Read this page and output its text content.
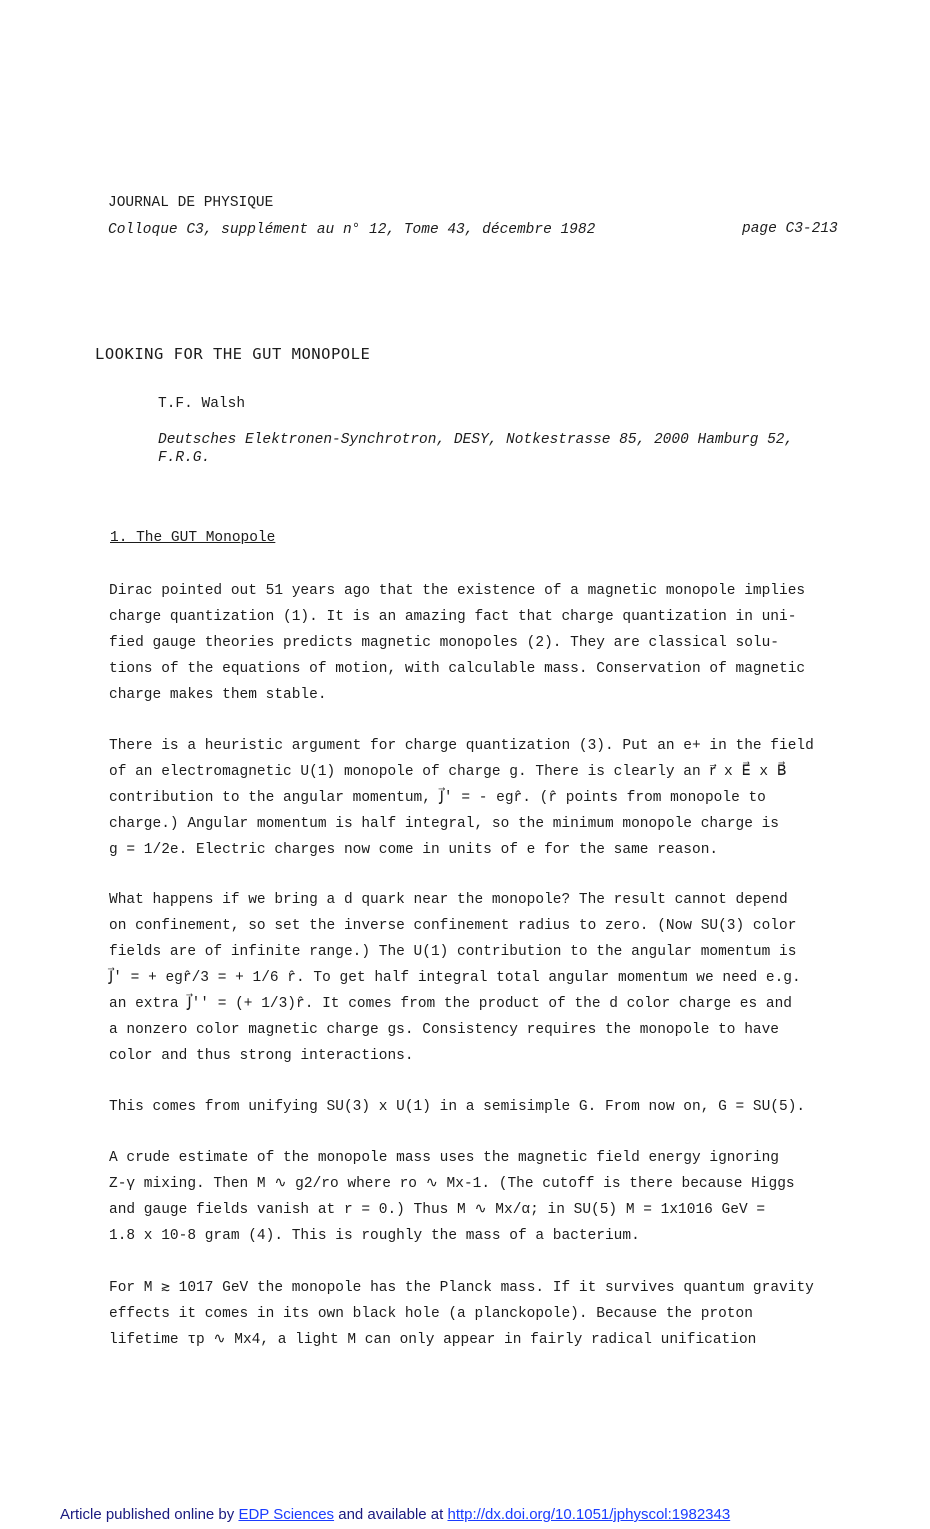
JOURNAL DE PHYSIQUE
Colloque C3, supplément au n° 12, Tome 43, décembre 1982	page C3-213
LOOKING FOR THE GUT MONOPOLE
T.F. Walsh
Deutsches Elektronen-Synchrotron, DESY, Notkestrasse 85, 2000 Hamburg 52,
F.R.G.
1. The GUT Monopole
Dirac pointed out 51 years ago that the existence of a magnetic monopole implies
charge quantization (1). It is an amazing fact that charge quantization in uni-
fied gauge theories predicts magnetic monopoles (2). They are classical solu-
tions of the equations of motion, with calculable mass. Conservation of magnetic
charge makes them stable.
There is a heuristic argument for charge quantization (3). Put an e+ in the field
of an electromagnetic U(1) monopole of charge g. There is clearly an r⃗ x E⃗ x B⃗
contribution to the angular momentum, J⃗' = - egr̂. (r̂ points from monopole to
charge.) Angular momentum is half integral, so the minimum monopole charge is
g = 1/2e. Electric charges now come in units of e for the same reason.
What happens if we bring a d quark near the monopole? The result cannot depend
on confinement, so set the inverse confinement radius to zero. (Now SU(3) color
fields are of infinite range.) The U(1) contribution to the angular momentum is
J⃗' = + egr̂/3 = + 1/6 r̂. To get half integral total angular momentum we need e.g.
an extra J⃗'' = (+ 1/3)r̂. It comes from the product of the d color charge es and
a nonzero color magnetic charge gs. Consistency requires the monopole to have
color and thus strong interactions.
This comes from unifying SU(3) x U(1) in a semisimple G. From now on, G = SU(5).
A crude estimate of the monopole mass uses the magnetic field energy ignoring
Z-γ mixing. Then M ∿ g2/ro where ro ∿ Mx-1. (The cutoff is there because Higgs
and gauge fields vanish at r = 0.) Thus M ∿ Mx/α; in SU(5) M = 1x1016 GeV =
1.8 x 10-8 gram (4). This is roughly the mass of a bacterium.
For M ≳ 1017 GeV the monopole has the Planck mass. If it survives quantum gravity
effects it comes in its own black hole (a planckopole). Because the proton
lifetime τp ∿ Mx4, a light M can only appear in fairly radical unification
Article published online by EDP Sciences and available at http://dx.doi.org/10.1051/jphyscol:1982343
